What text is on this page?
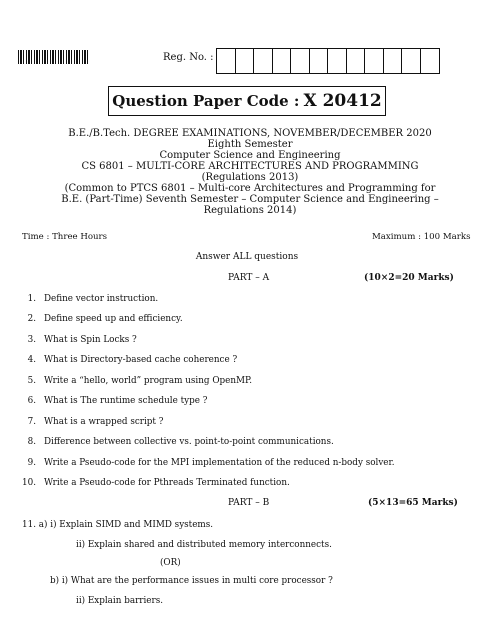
Reg. No. :
Question Paper Code : X 20412
B.E./B.Tech. DEGREE EXAMINATIONS, NOVEMBER/DECEMBER 2020
Eighth Semester
Computer Science and Engineering
CS 6801 – MULTI-CORE ARCHITECTURES AND PROGRAMMING
(Regulations 2013)
(Common to PTCS 6801 – Multi-core Architectures and Programming for
B.E. (Part-Time) Seventh Semester – Computer Science and Engineering –
Regulations 2014)
Time : Three Hours	Maximum : 100 Marks
Answer ALL questions
PART – A	(10×2=20 Marks)
1. Define vector instruction.
2. Define speed up and efficiency.
3. What is Spin Locks ?
4. What is Directory-based cache coherence ?
5. Write a “hello, world” program using OpenMP.
6. What is The runtime schedule type ?
7. What is a wrapped script ?
8. Difference between collective vs. point-to-point communications.
9. Write a Pseudo-code for the MPI implementation of the reduced n-body solver.
10. Write a Pseudo-code for Pthreads Terminated function.
PART – B	(5×13=65 Marks)
11. a) i) Explain SIMD and MIMD systems.
ii) Explain shared and distributed memory interconnects.
(OR)
b) i) What are the performance issues in multi core processor ?
ii) Explain barriers.
